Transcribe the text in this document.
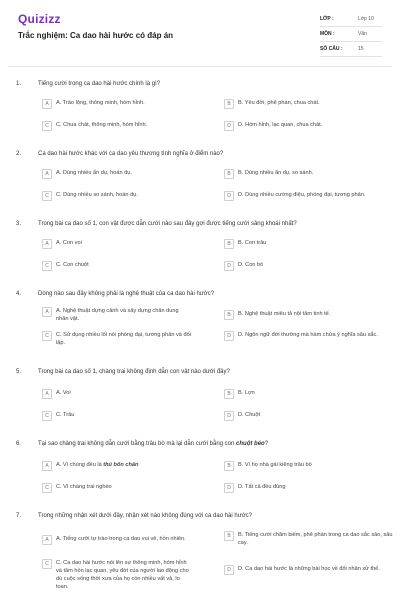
Quizizz
Trắc nghiệm: Ca dao hài hước có đáp án
LỚP :	Lớp 10
MÔN :	Văn
SỐ CÂU :	15
1.	Tiếng cười trong ca dao hài hước chính là gì?
A	A. Trào lộng, thông minh, hóm hỉnh.	B	B. Yêu đời, phê phán, chua chát.
C	C. Chua chát, thông minh, hóm hỉnh.	D	D. Hóm hỉnh, lạc quan, chua chát.
2.	Ca dao hài hước khác với ca dao yêu thương tình nghĩa ở điểm nào?
A	A. Dùng nhiều ẩn dụ, hoán dụ.	B	B. Dùng nhiều ẩn dụ, so sánh.
C	C. Dùng nhiều so sánh, hoán dụ.	D	D. Dùng nhiều cường điệu, phóng đại, tương phản.
3.	Trong bài ca dao số 1, con vật được dẫn cưới nào sau đây gợi được tiếng cười sảng khoái nhất?
A	A. Con voi	B	B. Con trâu
C	C. Con chuột	D	D. Con bò
4.	Dòng nào sau đây không phải là nghệ thuật của ca dao hài hước?
A	A. Nghệ thuật dựng cảnh và xây dựng chân dung nhân vật.
B	B. Nghệ thuật miêu tả nội tâm tinh tế.
C	C. Sử dụng nhiều lối nói phóng đại, tương phản và đối lập.
D	D. Ngôn ngữ đời thường mà hàm chứa ý nghĩa sâu sắc.
5.	Trong bài ca dao số 1, chàng trai không định dẫn con vật nào dưới đây?
A	A. Voi	B	B. Lợn
C	C. Trâu	D	D. Chuột
6.	Tại sao chàng trai không dẫn cưới bằng trâu bò mà lại dẫn cưới bằng con chuột béo?
A	A. Vì chúng đều là thú bốn chân	B	B. Vì họ nhà gái kiêng trâu bò
C	C. Vì chàng trai nghèo	D	D. Tất cả đều đúng
7.	Trong những nhận xét dưới đây, nhận xét nào không đúng với ca dao hài hước?
A	A. Tiếng cười tự trào trong ca dao vui vẻ, hồn nhiên.	B	B. Tiếng cười châm biếm, phê phán trong ca dao sắc sảo, sâu cay.
C	C. Ca dao hài hước nói lên sự thông minh, hóm hỉnh và tâm hồn lạc quan, yêu đời của người lao động cho dù cuộc sống thời xưa của họ còn nhiều vất vả, lo toan.
D	D. Ca dao hài hước là những bài học về đối nhân xử thế.
